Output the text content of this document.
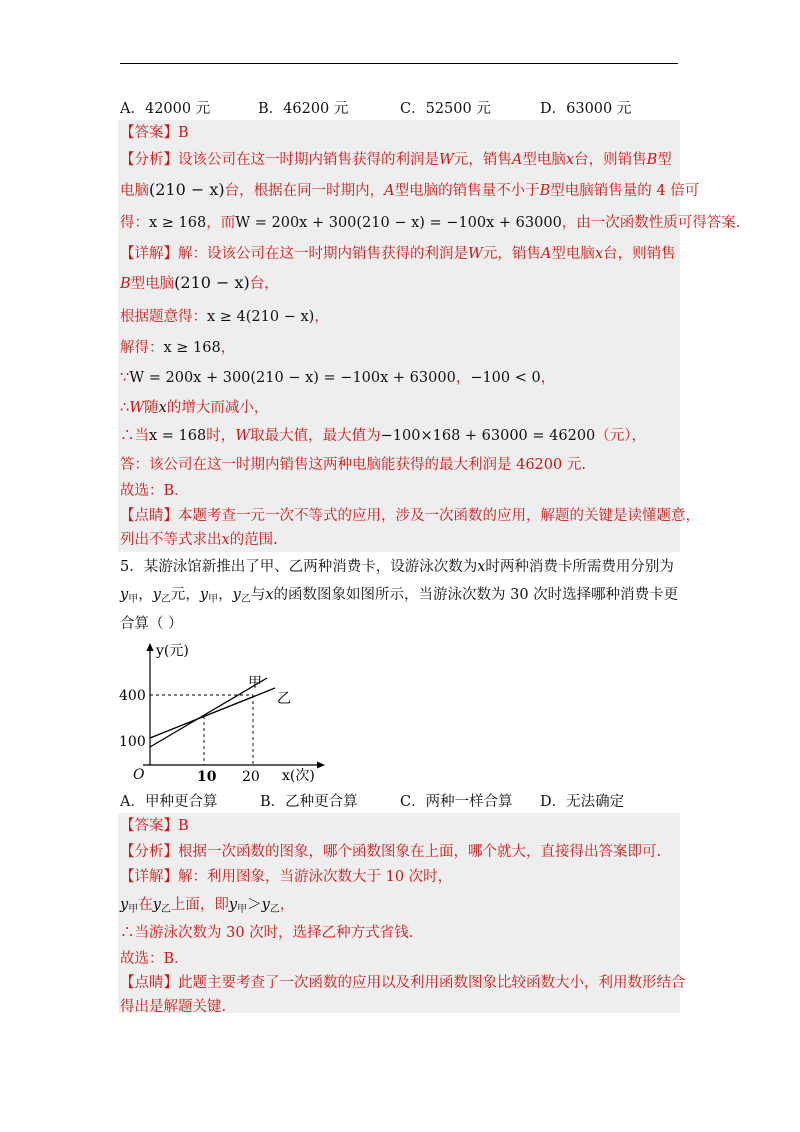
A．42000 元	B．46200 元	C．52500 元	D．63000 元
【答案】B
【分析】设该公司在这一时期内销售获得的利润是W元，销售A型电脑x台，则销售B型
电脑(210 − x)台，根据在同一时期内，A型电脑的销售量不小于B型电脑销售量的 4 倍可
得：x ≥ 168，而W = 200x + 300(210 − x) = −100x + 63000，由一次函数性质可得答案.
【详解】解：设该公司在这一时期内销售获得的利润是W元，销售A型电脑x台，则销售
B型电脑(210 − x)台，
根据题意得：x ≥ 4(210 − x)，
解得：x ≥ 168，
∵W = 200x + 300(210 − x) = −100x + 63000，−100 < 0，
∴W随x的增大而减小，
∴当x = 168时，W取最大值，最大值为−100×168 + 63000 = 46200（元），
答：该公司在这一时期内销售这两种电脑能获得的最大利润是 46200 元.
故选：B．
【点睛】本题考查一元一次不等式的应用，涉及一次函数的应用，解题的关键是读懂题意，
列出不等式求出x的范围.
5．某游泳馆新推出了甲、乙两种消费卡，设游泳次数为x时两种消费卡所需费用分别为
$y_甲$，$y_乙$元，$y_甲$，$y_乙$与x的函数图象如图所示，当游泳次数为 30 次时选择哪种消费卡更
合算（ ）
y(元)
x(次)
O
400
100
10 20
甲
乙
A．甲种更合算	B．乙种更合算	C．两种一样合算 D．无法确定
【答案】B
【分析】根据一次函数的图象，哪个函数图象在上面，哪个就大，直接得出答案即可.
【详解】解：利用图象，当游泳次数大于 10 次时，
$y_甲$在$y_乙$上面，即$y_甲>y_乙$，
∴当游泳次数为 30 次时，选择乙种方式省钱.
故选：B．
【点睛】此题主要考查了一次函数的应用以及利用函数图象比较函数大小，利用数形结合
得出是解题关键.
